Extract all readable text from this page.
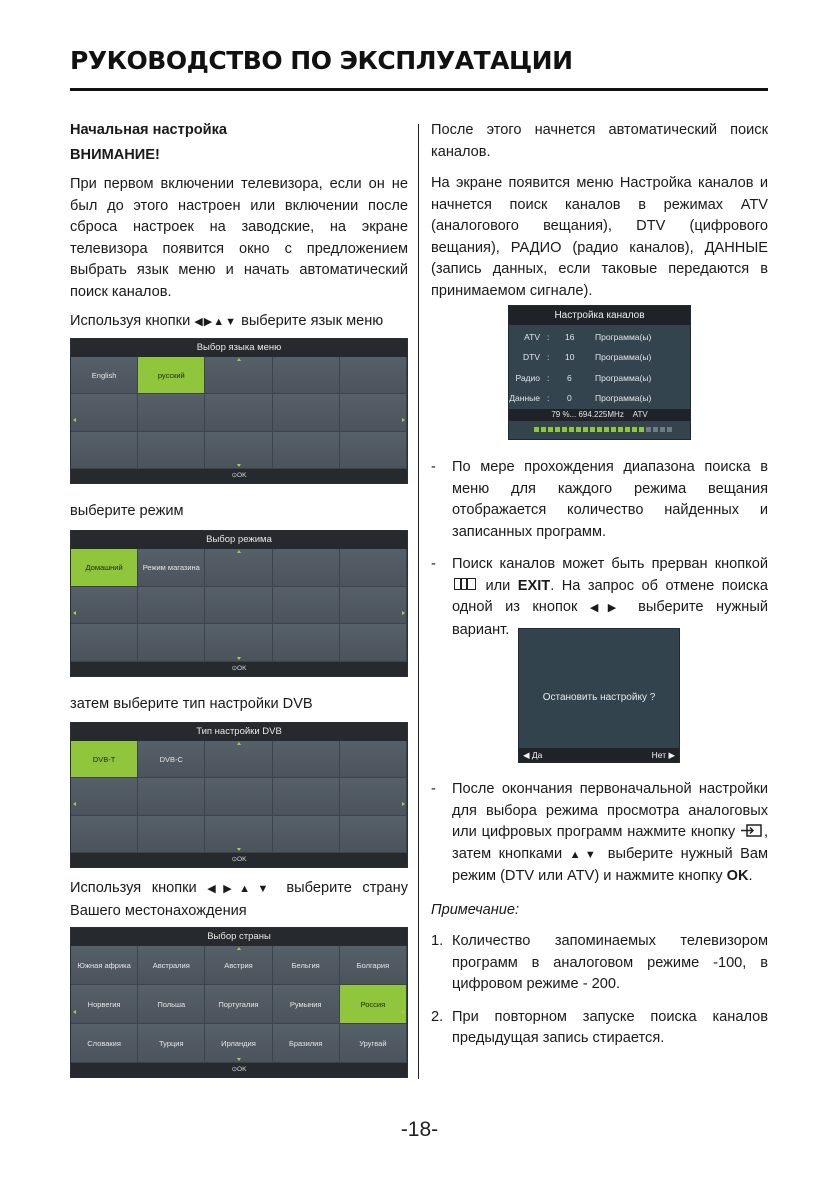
РУКОВОДСТВО ПО ЭКСПЛУАТАЦИИ

Начальная настройка

ВНИМАНИЕ!

При первом включении телевизора, если он не был до этого настроен или включении после сброса настроек на заводские, на экране телевизора появится окно с предложением выбрать язык меню и начать автоматический поиск каналов.

Используя кнопки ◀▶▲▼ выберите язык меню
Выбор языка меню
English	русский
⊙OK
выберите режим
Выбор режима
Домашний	Режим магазина
⊙OK
затем выберите тип настройки DVB
Тип настройки DVB
DVB-T	DVB-C
⊙OK
Используя кнопки ◀▶▲▼ выберите страну Вашего местонахождения
Выбор страны
Южная африка	Австралия	Австрия	Бельгия	Болгария
Норвегия	Польша	Португалия	Румыния	Россия
Словакия	Турция	Ирландия	Бразилия	Уругвай
⊙OK

После этого начнется автоматический поиск каналов.

На экране появится меню Настройка каналов и начнется поиск каналов в режимах ATV (аналогового вещания), DTV (цифрового вещания), РАДИО (радио каналов), ДАННЫЕ (запись данных, если таковые передаются в принимаемом сигнале).

Настройка каналов
ATV : 16 Программа(ы)
DTV : 10 Программа(ы)
Радио : 6	Программа(ы)
Данные : 0	Программа(ы)
79 %... 694.225MHz ATV

- По мере прохождения диапазона поиска в меню для каждого режима вещания отображается количество найденных и записанных программ.

- Поиск каналов может быть прерван кнопкой
или EXIT. На запрос об отмене поиска одной из кнопок ◀▶ выберите нужный вариант.

Остановить настройку ?
◀ Да	Нет ▶

- После окончания первоначальной настройки для выбора режима просмотра аналоговых или цифровых программ нажмите кнопку , затем кнопками ▲▼ выберите нужный Вам режим (DTV или ATV) и нажмите кнопку OK.

Примечание:

1. Количество запоминаемых телевизором программ в аналоговом режиме -100, в цифровом режиме - 200.

2. При повторном запуске поиска каналов предыдущая запись стирается.

-18-
